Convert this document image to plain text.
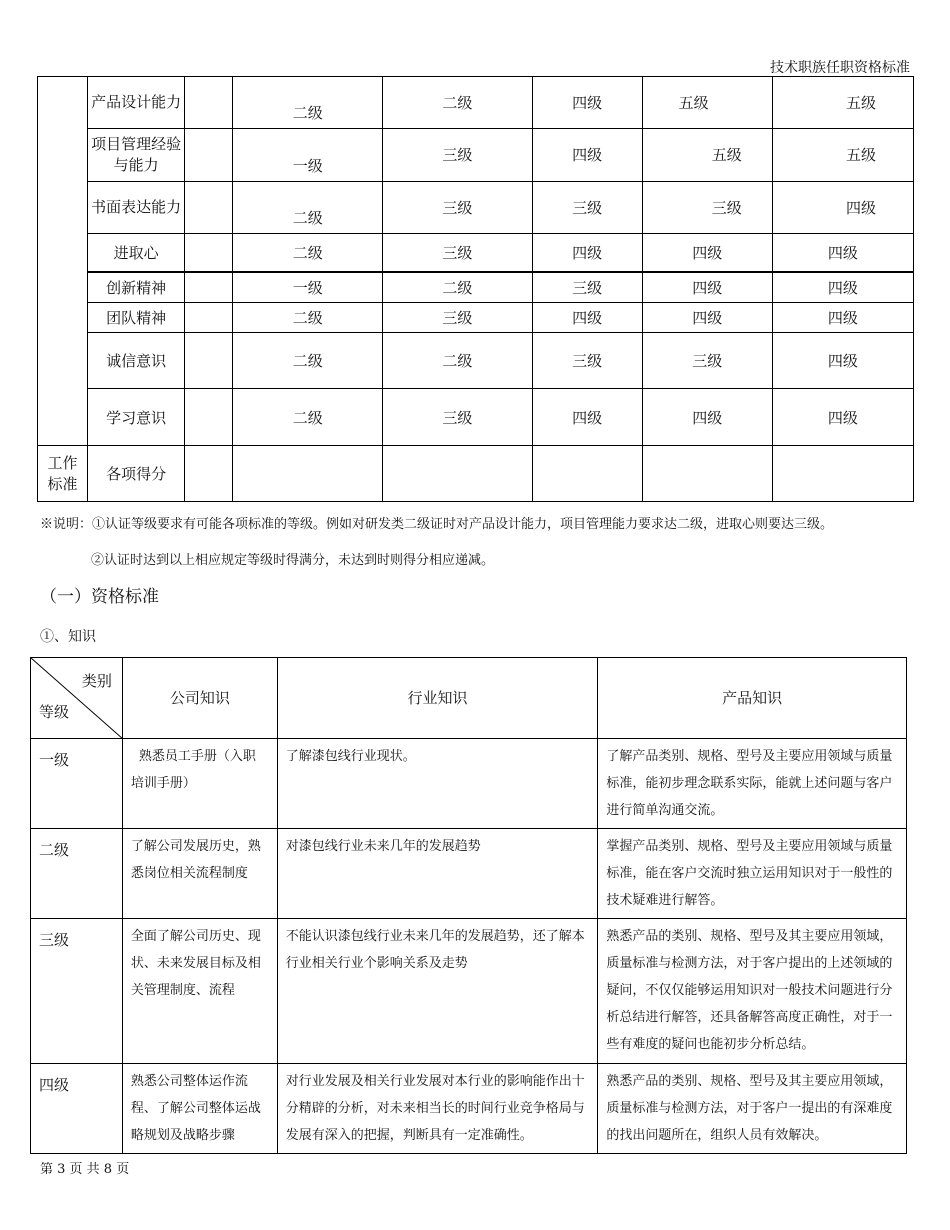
技术职族任职资格标准
	产品设计能力		二级	二级	四级	五级	五级
	项目管理经验与能力		一级	三级	四级	五级	五级
	书面表达能力		二级	三级	三级	三级	四级
	进取心		二级	三级	四级	四级	四级
	创新精神		一级	二级	三级	四级	四级
	团队精神		二级	三级	四级	四级	四级
	诚信意识		二级	二级	三级	三级	四级
	学习意识		二级	三级	四级	四级	四级
工作标准	各项得分						
※说明：①认证等级要求有可能各项标准的等级。例如对研发类二级证时对产品设计能力，项目管理能力要求达二级，进取心则要达三级。
②认证时达到以上相应规定等级时得满分，未达到时则得分相应递减。
（一）资格标准
①、知识
类别
等级	公司知识	行业知识	产品知识
一级	熟悉员工手册（入职培训手册）	了解漆包线行业现状。	了解产品类别、规格、型号及主要应用领域与质量标准，能初步理念联系实际，能就上述问题与客户进行简单沟通交流。
二级	了解公司发展历史，熟悉岗位相关流程制度	对漆包线行业未来几年的发展趋势	掌握产品类别、规格、型号及主要应用领域与质量标准，能在客户交流时独立运用知识对于一般性的技术疑难进行解答。
三级	全面了解公司历史、现状、未来发展目标及相关管理制度、流程	不能认识漆包线行业未来几年的发展趋势，还了解本行业相关行业个影响关系及走势	熟悉产品的类别、规格、型号及其主要应用领域，质量标准与检测方法，对于客户提出的上述领域的疑问，不仅仅能够运用知识对一般技术问题进行分析总结进行解答，还具备解答高度正确性，对于一些有难度的疑问也能初步分析总结。
四级	熟悉公司整体运作流程、了解公司整体运战略规划及战略步骤	对行业发展及相关行业发展对本行业的影响能作出十分精辟的分析，对未来相当长的时间行业竞争格局与发展有深入的把握，判断具有一定准确性。	熟悉产品的类别、规格、型号及其主要应用领域，质量标准与检测方法，对于客户一提出的有深难度的找出问题所在，组织人员有效解决。
第 3 页 共 8 页
